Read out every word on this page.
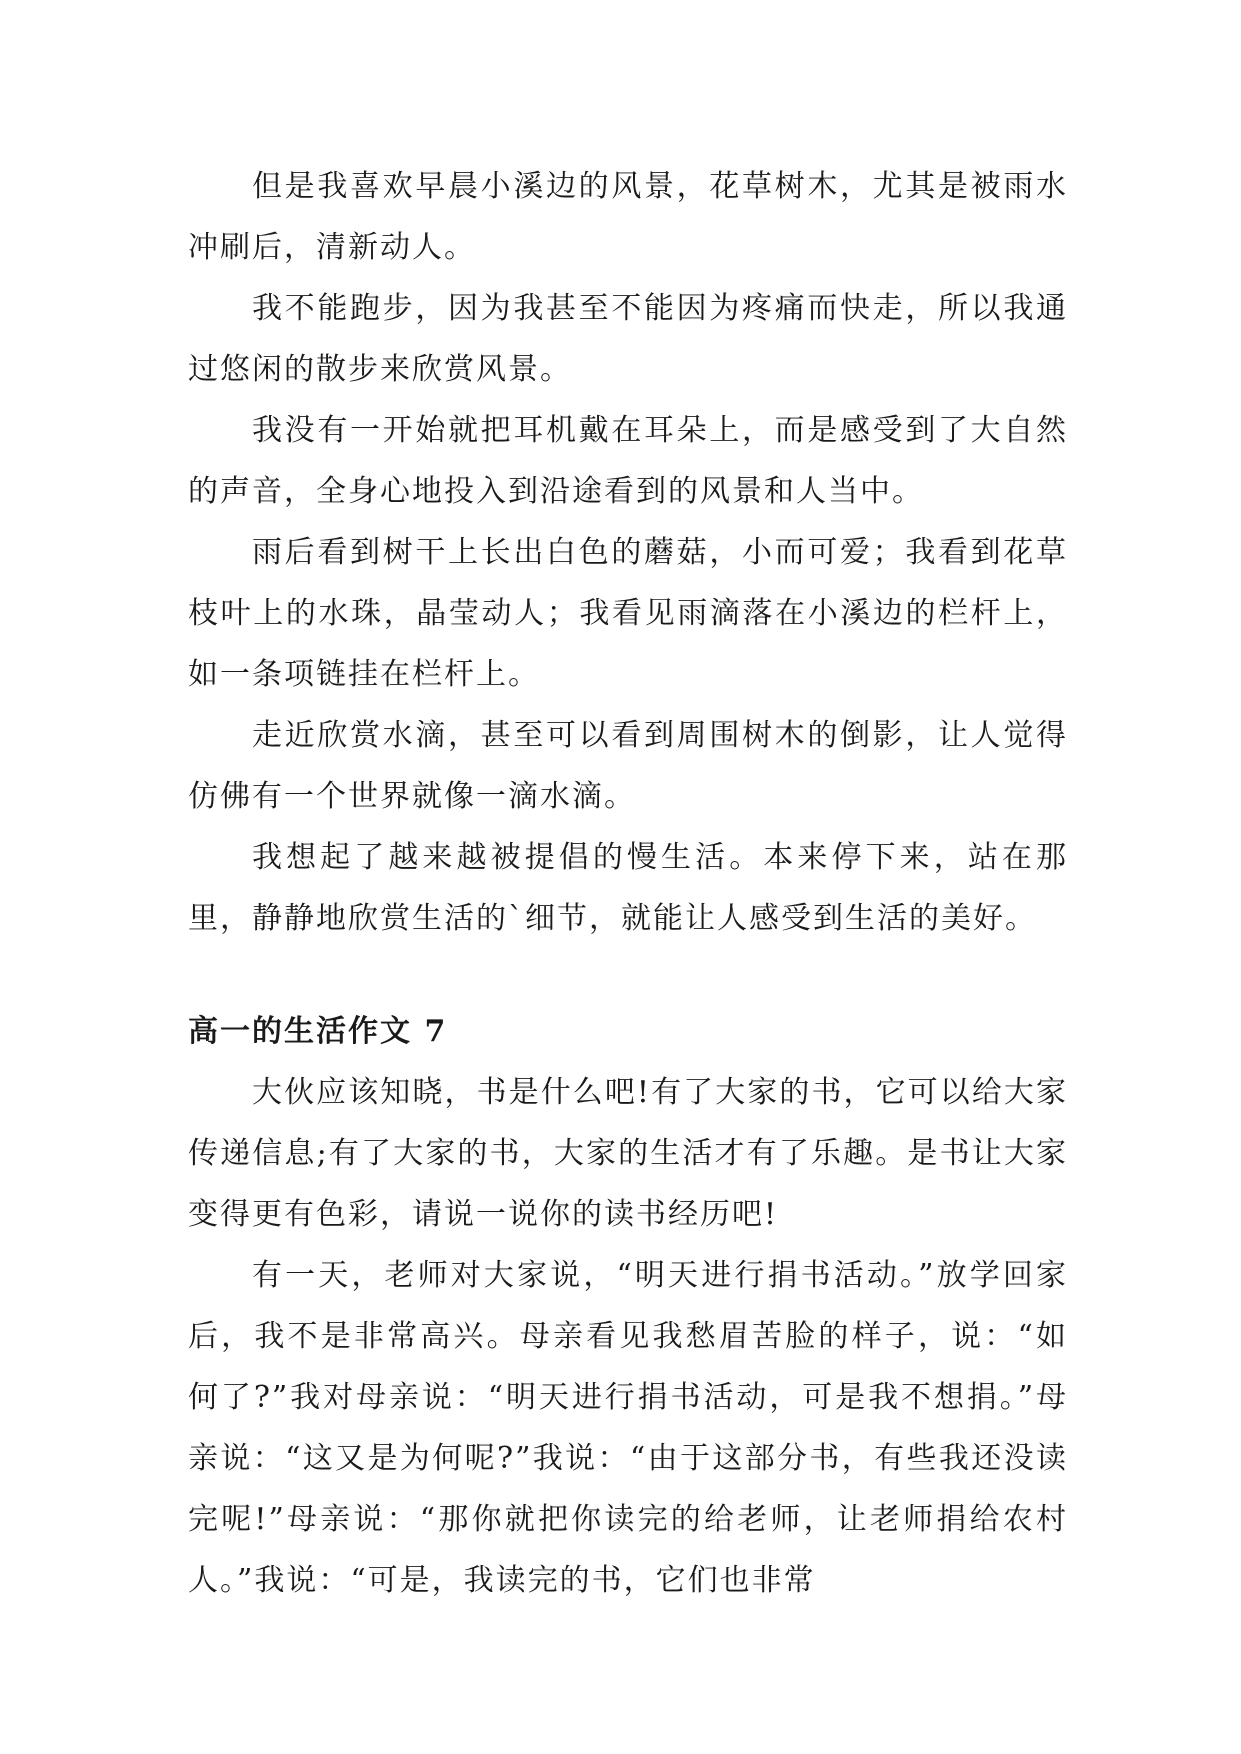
但是我喜欢早晨小溪边的风景，花草树木，尤其是被雨水冲刷后，清新动人。

我不能跑步，因为我甚至不能因为疼痛而快走，所以我通过悠闲的散步来欣赏风景。

我没有一开始就把耳机戴在耳朵上，而是感受到了大自然的声音，全身心地投入到沿途看到的风景和人当中。

雨后看到树干上长出白色的蘑菇，小而可爱；我看到花草枝叶上的水珠，晶莹动人；我看见雨滴落在小溪边的栏杆上，如一条项链挂在栏杆上。

走近欣赏水滴，甚至可以看到周围树木的倒影，让人觉得仿佛有一个世界就像一滴水滴。

我想起了越来越被提倡的慢生活。本来停下来，站在那里，静静地欣赏生活的`细节，就能让人感受到生活的美好。

高一的生活作文 7

大伙应该知晓，书是什么吧!有了大家的书，它可以给大家传递信息;有了大家的书，大家的生活才有了乐趣。是书让大家变得更有色彩，请说一说你的读书经历吧!

有一天，老师对大家说，“明天进行捐书活动。”放学回家后，我不是非常高兴。母亲看见我愁眉苦脸的样子，说：“如何了?”我对母亲说：“明天进行捐书活动，可是我不想捐。”母亲说：“这又是为何呢?”我说：“由于这部分书，有些我还没读完呢!”母亲说：“那你就把你读完的给老师，让老师捐给农村人。”我说：“可是，我读完的书，它们也非常
